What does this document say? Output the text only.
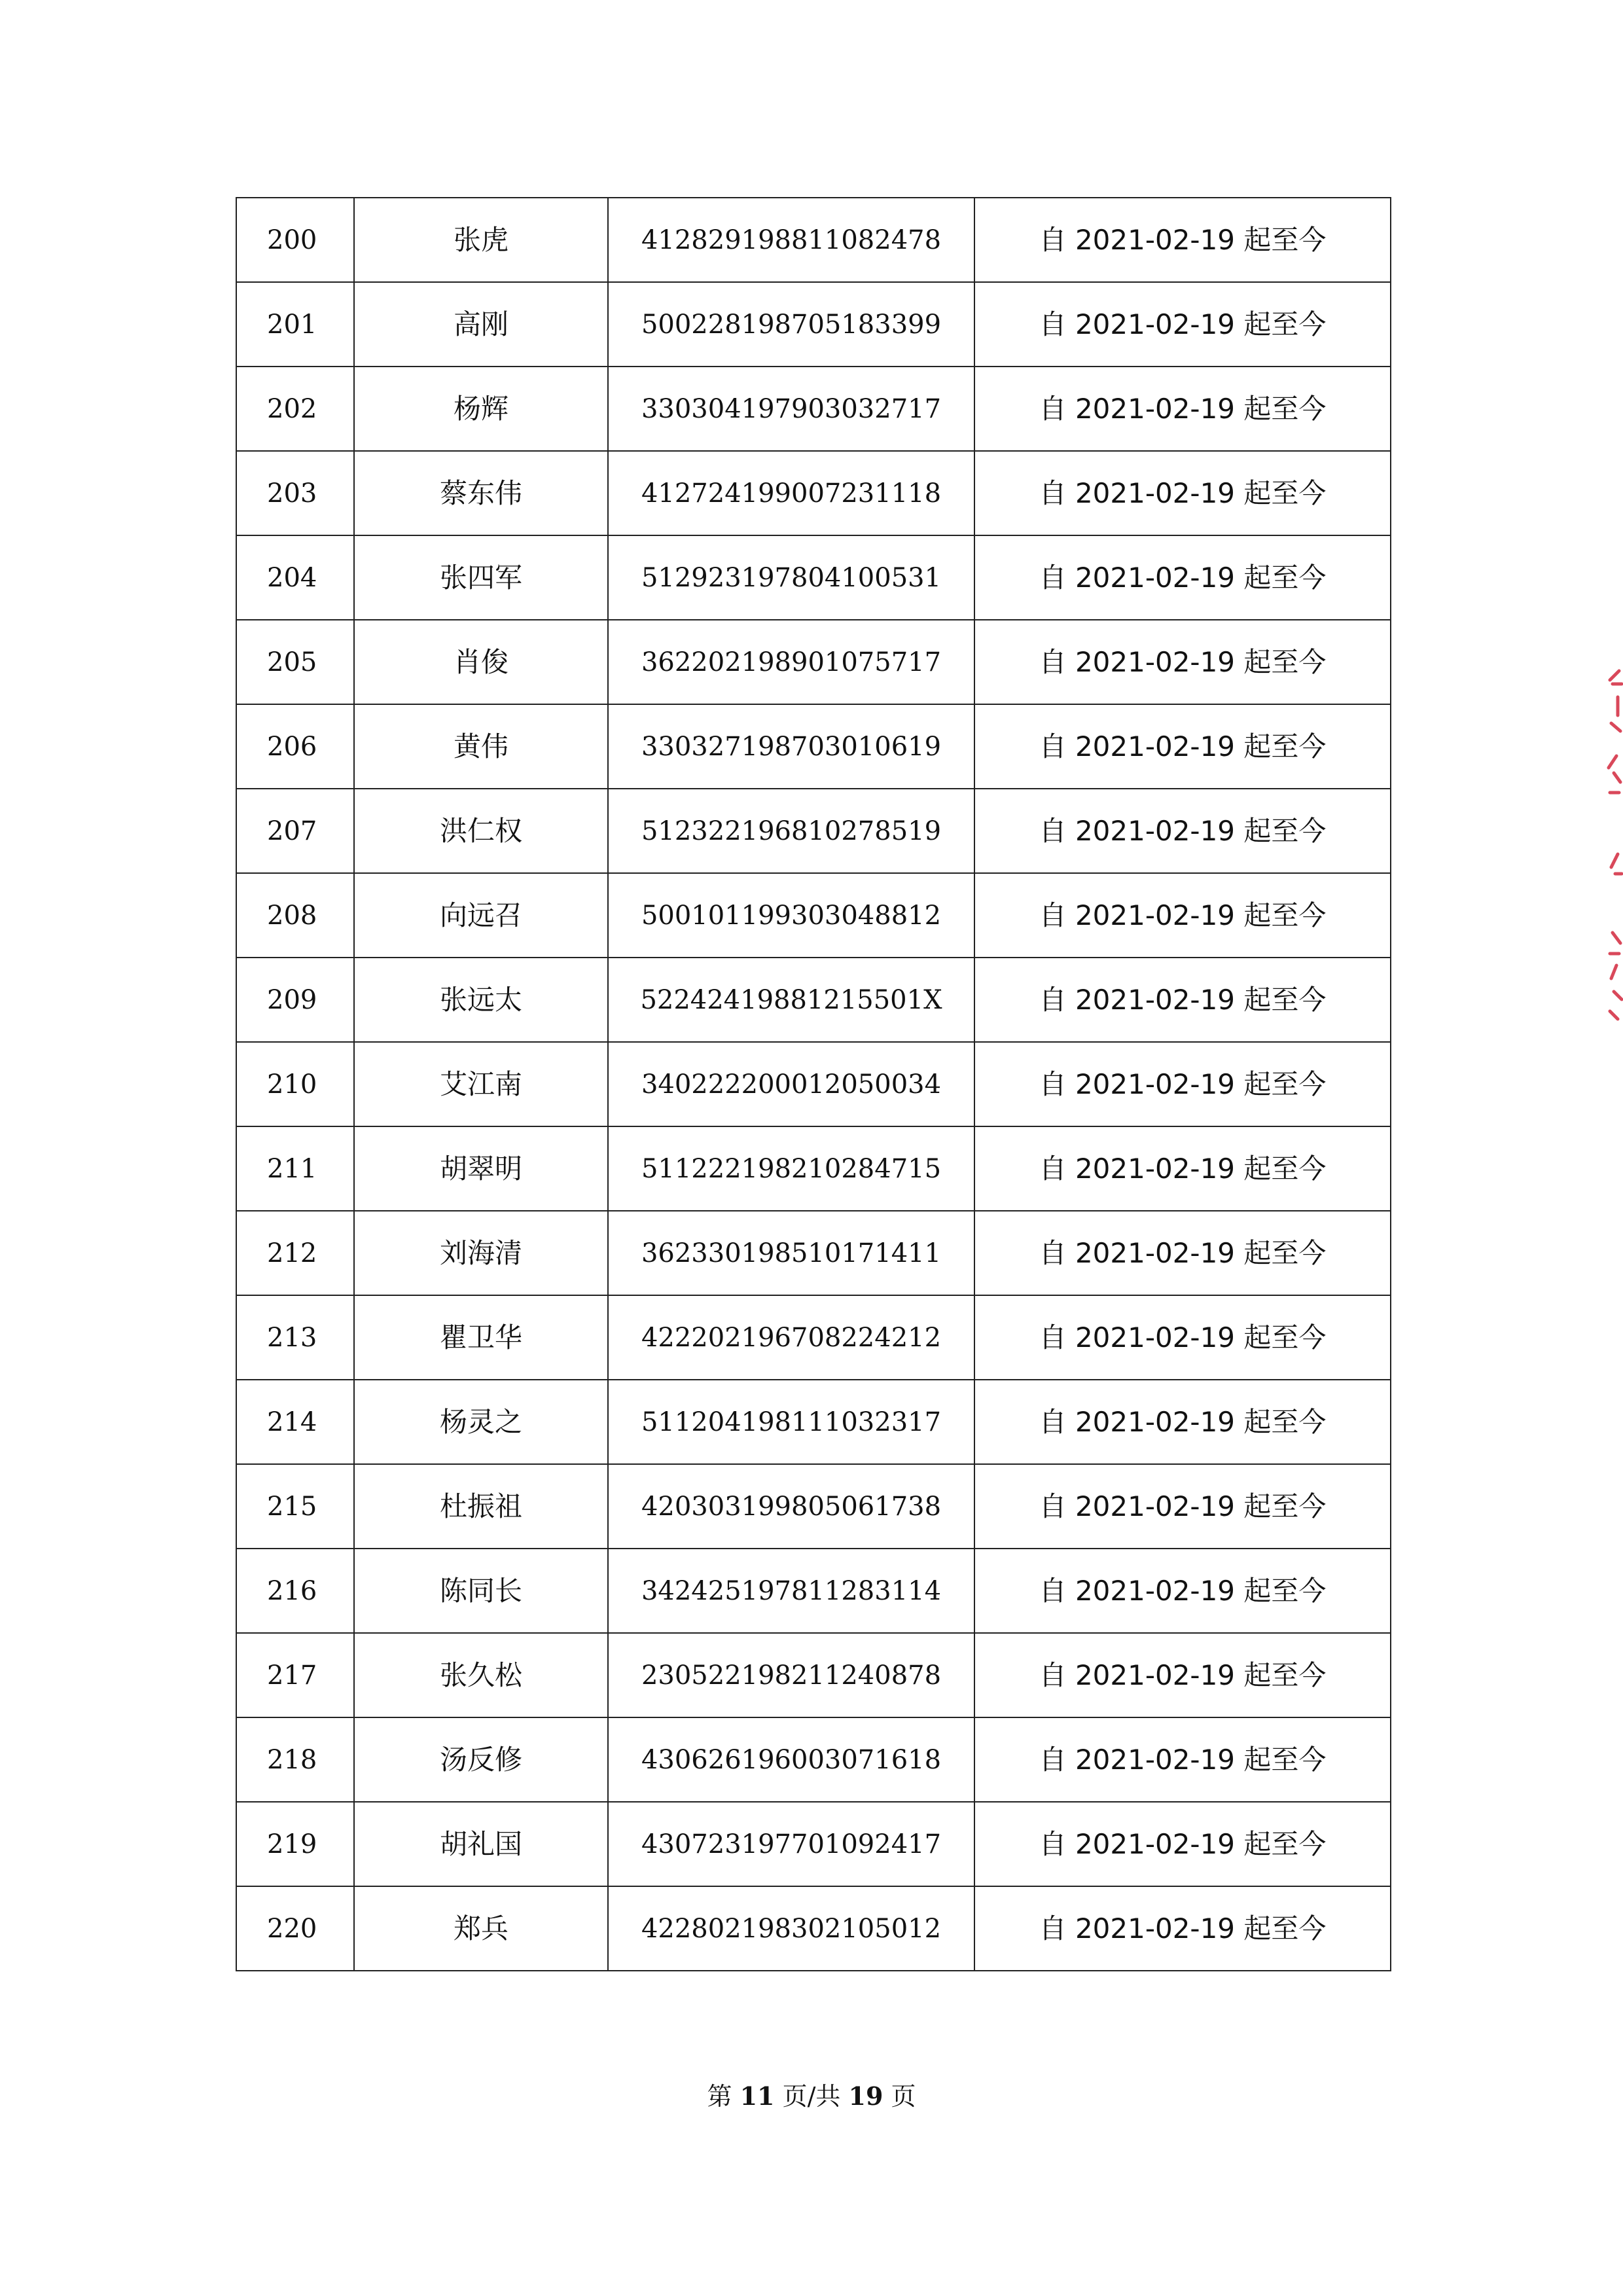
200	张虎	412829198811082478	自 2021-02-19 起至今
201	高刚	500228198705183399	自 2021-02-19 起至今
202	杨辉	330304197903032717	自 2021-02-19 起至今
203	蔡东伟	412724199007231118	自 2021-02-19 起至今
204	张四军	512923197804100531	自 2021-02-19 起至今
205	肖俊	362202198901075717	自 2021-02-19 起至今
206	黄伟	330327198703010619	自 2021-02-19 起至今
207	洪仁权	512322196810278519	自 2021-02-19 起至今
208	向远召	500101199303048812	自 2021-02-19 起至今
209	张远太	52242419881215501X	自 2021-02-19 起至今
210	艾江南	340222200012050034	自 2021-02-19 起至今
211	胡翠明	511222198210284715	自 2021-02-19 起至今
212	刘海清	362330198510171411	自 2021-02-19 起至今
213	瞿卫华	422202196708224212	自 2021-02-19 起至今
214	杨灵之	511204198111032317	自 2021-02-19 起至今
215	杜振祖	420303199805061738	自 2021-02-19 起至今
216	陈同长	342425197811283114	自 2021-02-19 起至今
217	张久松	230522198211240878	自 2021-02-19 起至今
218	汤反修	430626196003071618	自 2021-02-19 起至今
219	胡礼国	430723197701092417	自 2021-02-19 起至今
220	郑兵	422802198302105012	自 2021-02-19 起至今
第 11 页/共 19 页
